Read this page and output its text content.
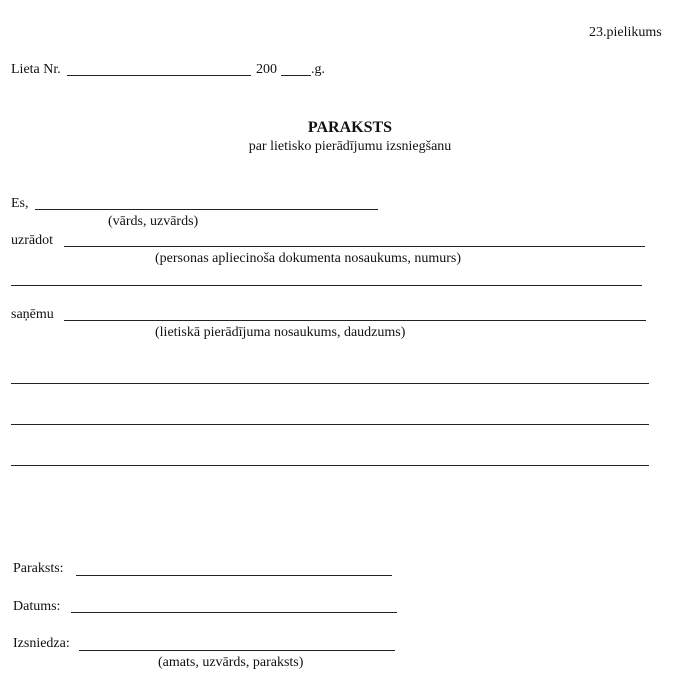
23.pielikums
Lieta Nr.	200 .g.
PARAKSTS
par lietisko pierādījumu izsniegšanu
Es,
(vārds, uzvārds)
uzrādot
(personas apliecinoša dokumenta nosaukums, numurs)
saņēmu
(lietiskā pierādījuma nosaukums, daudzums)
Paraksts:
Datums:
Izsniedza:
(amats, uzvārds, paraksts)
